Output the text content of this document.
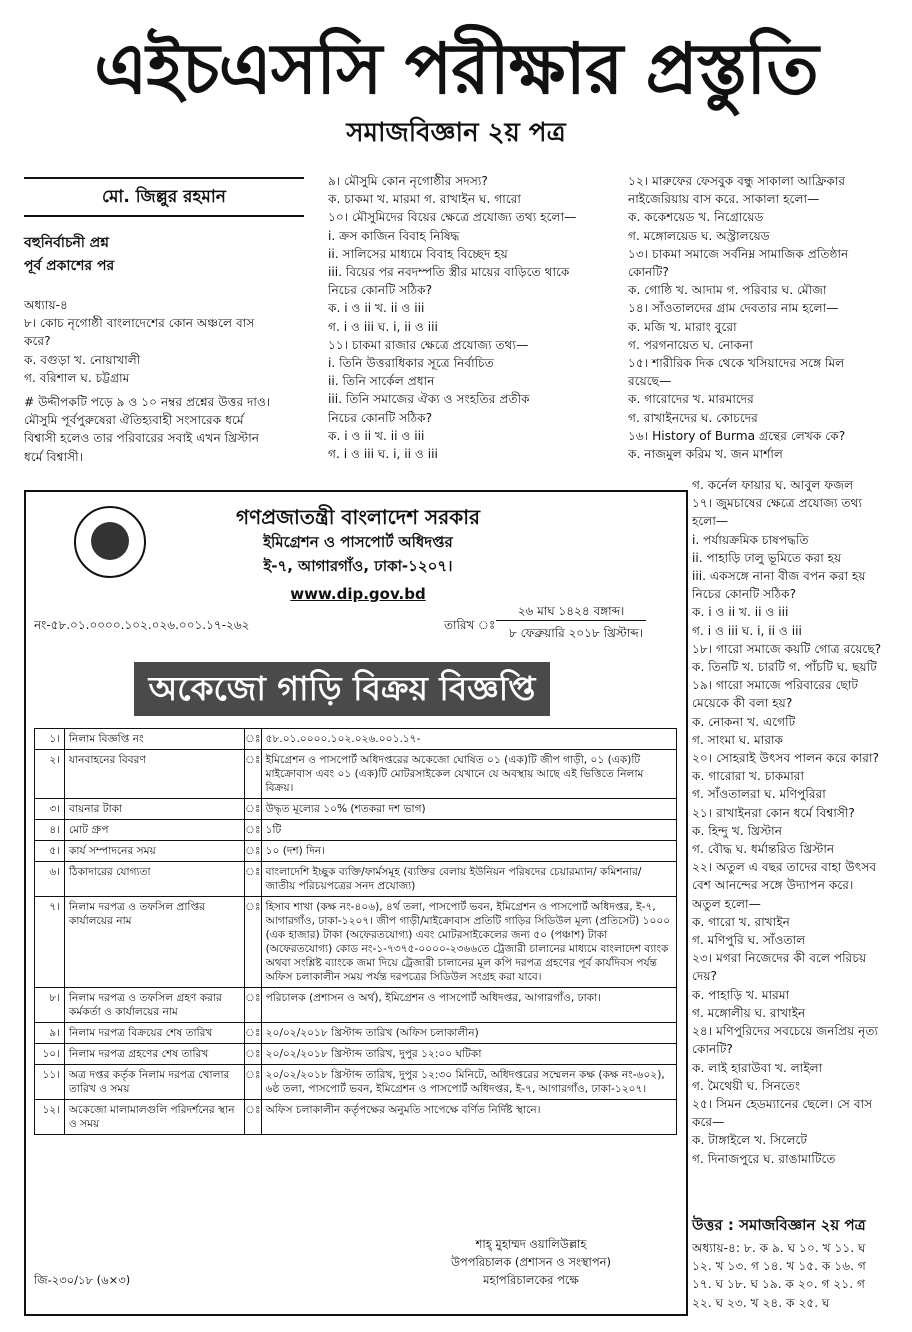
এইচএসসি পরীক্ষার প্রস্তুতি
সমাজবিজ্ঞান ২য় পত্র
মো. জিল্লুর রহমান
বহুনির্বাচনী প্রশ্ন
পূর্ব প্রকাশের পর
অধ্যায়-৪
৮। কোচ নৃগোষ্ঠী বাংলাদেশের কোন অঞ্চলে বাস
করে?
ক. বগুড়া খ. নোয়াখালী
গ. বরিশাল ঘ. চট্টগ্রাম
# উদ্দীপকটি পড়ে ৯ ও ১০ নম্বর প্রশ্নের উত্তর দাও।
মৌসুমি পূর্বপুরুষেরা ঐতিহ্যবাহী সংসারেক ধর্মে
বিশ্বাসী হলেও তার পরিবারের সবাই এখন খ্রিস্টান
ধর্মে বিশ্বাসী।
৯। মৌসুমি কোন নৃগোষ্ঠীর সদস্য?
ক. চাকমা খ. মারমা গ. রাখাইন ঘ. গারো
১০। মৌসুমিদের বিয়ের ক্ষেত্রে প্রযোজ্য তথ্য হলো—
i. ক্রস কাজিন বিবাহ নিষিদ্ধ
ii. সালিসের মাধ্যমে বিবাহ বিচ্ছেদ হয়
iii. বিয়ের পর নবদম্পতি স্ত্রীর মায়ের বাড়িতে থাকে
নিচের কোনটি সঠিক?
ক. i ও ii খ. ii ও iii
গ. i ও iii ঘ. i, ii ও iii
১১। চাকমা রাজার ক্ষেত্রে প্রযোজ্য তথ্য—
i. তিনি উত্তরাধিকার সূত্রে নির্বাচিত
ii. তিনি সার্কেল প্রধান
iii. তিনি সমাজের ঐক্য ও সংহতির প্রতীক
নিচের কোনটি সঠিক?
ক. i ও ii খ. ii ও iii
গ. i ও iii ঘ. i, ii ও iii
১২। মারুফের ফেসবুক বন্ধু সাকালা আফ্রিকার
নাইজেরিয়ায় বাস করে. সাকালা হলো—
ক. ককেশয়েড খ. নিগ্রোয়েড
গ. মঙ্গোলয়েড ঘ. অস্ট্রালয়েড
১৩। চাকমা সমাজে সর্বনিম্ন সামাজিক প্রতিষ্ঠান
কোনটি?
ক. গোষ্ঠি খ. আদাম গ. পরিবার ঘ. মৌজা
১৪। সাঁওতালদের গ্রাম দেবতার নাম হলো—
ক. মজি খ. মারাং বুরো
গ. পরগনায়েত ঘ. নোকনা
১৫। শারীরিক দিক থেকে খসিয়াদের সঙ্গে মিল
রয়েছে—
ক. গারোদের খ. মারমাদের
গ. রাখাইনদের ঘ. কোচদের
১৬। History of Burma গ্রন্থের লেখক কে?
ক. নাজমুল করিম খ. জন মার্শাল
গ. কর্নেল ফায়ার ঘ. আবুল ফজল
১৭। জুমচাষের ক্ষেত্রে প্রযোজ্য তথ্য
হলো—
i. পর্যায়ক্রমিক চাষপদ্ধতি
ii. পাহাড়ি ঢালু ভূমিতে করা হয়
iii. একসঙ্গে নানা বীজ বপন করা হয়
নিচের কোনটি সঠিক?
ক. i ও ii খ. ii ও iii
গ. i ও iii ঘ. i, ii ও iii
১৮। গারো সমাজে কয়টি গোত্র রয়েছে?
ক. তিনটি খ. চারটি গ. পাঁচটি ঘ. ছয়টি
১৯। গারো সমাজে পরিবারের ছোট
মেয়েকে কী বলা হয়?
ক. নোকনা খ. এগেটি
গ. সাংমা ঘ. মারাক
২০। সোহরাই উৎসব পালন করে কারা?
ক. গারোরা খ. চাকমারা
গ. সাঁওতালরা ঘ. মণিপুরিরা
২১। রাখাইনরা কোন ধর্মে বিশ্বাসী?
ক. হিন্দু খ. খ্রিস্টান
গ. বৌদ্ধ ঘ. ধর্মান্তরিত খ্রিস্টান
২২। অতুল এ বছর তাদের বাহা উৎসব
বেশ আনন্দের সঙ্গে উদ্যাপন করে।
অতুল হলো—
ক. গারো খ. রাখাইন
গ. মণিপুরি ঘ. সাঁওতাল
২৩। মগরা নিজেদের কী বলে পরিচয়
দেয়?
ক. পাহাড়ি খ. মারমা
গ. মঙ্গোলীয় ঘ. রাখাইন
২৪। মণিপুরিদের সবচেয়ে জনপ্রিয় নৃত্য
কোনটি?
ক. লাই হারাউবা খ. লাইলা
গ. মৈথেয়ী ঘ. সিনতেং
২৫। সিমন হেডম্যানের ছেলে। সে বাস
করে—
ক. টাঙ্গাইলে খ. সিলেটে
গ. দিনাজপুরে ঘ. রাঙামাটিতে
উত্তর : সমাজবিজ্ঞান ২য় পত্র
অধ্যায়-৪: ৮. ক ৯. ঘ ১০. খ ১১. ঘ
১২. খ ১৩. গ ১৪. খ ১৫. ক ১৬. গ
১৭. ঘ ১৮. ঘ ১৯. ক ২০. গ ২১. গ
২২. ঘ ২৩. খ ২৪. ক ২৫. ঘ
গণপ্রজাতন্ত্রী বাংলাদেশ সরকার
ইমিগ্রেশন ও পাসপোর্ট অধিদপ্তর
ই-৭, আগারগাঁও, ঢাকা-১২০৭।
www.dip.gov.bd
নং-৫৮.০১.০০০০.১০২.০২৬.০০১.১৭-২৬২	তারিখ ঃ
২৬ মাঘ ১৪২৪ বঙ্গাব্দ।
৮ ফেব্রুয়ারি ২০১৮ খ্রিস্টাব্দ।
অকেজো গাড়ি বিক্রয় বিজ্ঞপ্তি
১।	নিলাম বিজ্ঞপ্তি নং	ঃ	৫৮.০১.০০০০.১০২.০২৬.০০১.১৭-
২।	যানবাহনের বিবরণ	ঃ	ইমিগ্রেশন ও পাসপোর্ট অধিদপ্তরের অকেজো ঘোষিত ০১ (এক)টি জীপ গাড়ী, ০১ (এক)টি মাইক্রোবাস এবং ০১ (এক)টি মোটরসাইকেল যেখানে যে অবস্থায় আছে এই ভিত্তিতে নিলাম বিক্রয়।
৩।	বায়নার টাকা	ঃ	উদ্ধৃত মূল্যের ১০% (শতকরা দশ ভাগ)
৪।	মোট গ্রুপ	ঃ	১টি
৫।	কার্য সম্পাদনের সময়	ঃ	১০ (দশ) দিন।
৬।	ঠিকাদারের যোগ্যতা	ঃ	বাংলাদেশি ইচ্ছুক ব্যক্তি/ফার্মসমূহ (ব্যক্তির বেলায় ইউনিয়ন পরিষদের চেয়ারম্যান/ কমিশনার/ জাতীয় পরিচয়পত্রের সনদ প্রযোজ্য)
৭।	নিলাম দরপত্র ও তফসিল প্রাপ্তির কার্যালয়ের নাম	ঃ	হিসাব শাখা (কক্ষ নং-৪০৬), ৪র্থ তলা, পাসপোর্ট ভবন, ইমিগ্রেশন ও পাসপোর্ট অধিদপ্তর, ই-৭, আগারগাঁও, ঢাকা-১২০৭। জীপ গাড়ী/মাইক্রোবাস প্রতিটি গাড়ির সিডিউল মূল্য (প্রতিসেট) ১০০০ (এক হাজার) টাকা (অফেরতযোগ্য) এবং মোটরসাইকেলের জন্য ৫০ (পঞ্চাশ) টাকা (অফেরতযোগ্য) কোড নং-১-৭৩৭৫-০০০০-২৩৬৬তে ট্রেজারী চালানের মাধ্যমে বাংলাদেশ ব্যাংক অথবা সংশ্লিষ্ট ব্যাংকে জমা দিয়ে ট্রেজারী চালানের মূল কপি দরপত্র গ্রহণের পূর্ব কার্যদিবস পর্যন্ত অফিস চলাকালীন সময় পর্যন্ত দরপত্রের সিডিউল সংগ্রহ করা যাবে।
৮।	নিলাম দরপত্র ও তফসিল গ্রহণ করার কর্মকর্তা ও কার্যালয়ের নাম	ঃ	পরিচালক (প্রশাসন ও অর্থ), ইমিগ্রেশন ও পাসপোর্ট অধিদপ্তর, আগারগাঁও, ঢাকা।
৯।	নিলাম দরপত্র বিক্রয়ের শেষ তারিখ	ঃ	২০/০২/২০১৮ খ্রিস্টাব্দ তারিখ (অফিস চলাকালীন)
১০।	নিলাম দরপত্র গ্রহণের শেষ তারিখ	ঃ	২০/০২/২০১৮ খ্রিস্টাব্দ তারিখ, দুপুর ১২:০০ ঘটিকা
১১।	অত্র দপ্তর কর্তৃক নিলাম দরপত্র খোলার তারিখ ও সময়	ঃ	২০/০২/২০১৮ খ্রিস্টাব্দ তারিখ, দুপুর ১২:৩০ মিনিটে, অধিদপ্তরের সম্মেলন কক্ষ (কক্ষ নং-৬০২), ৬ষ্ঠ তলা, পাসপোর্ট ভবন, ইমিগ্রেশন ও পাসপোর্ট অধিদপ্তর, ই-৭, আগারগাঁও, ঢাকা-১২০৭।
১২।	অকেজো মালামালগুলি পরিদর্শনের স্থান ও সময়	ঃ	অফিস চলাকালীন কর্তৃপক্ষের অনুমতি সাপেক্ষে বর্ণিত নির্দিষ্ট স্থানে।
শাহ্ মুহাম্মদ ওয়ালিউল্লাহ
উপপরিচালক (প্রশাসন ও সংস্থাপন)
মহাপরিচালকের পক্ষে
জি-২৩০/১৮ (৬×৩)
